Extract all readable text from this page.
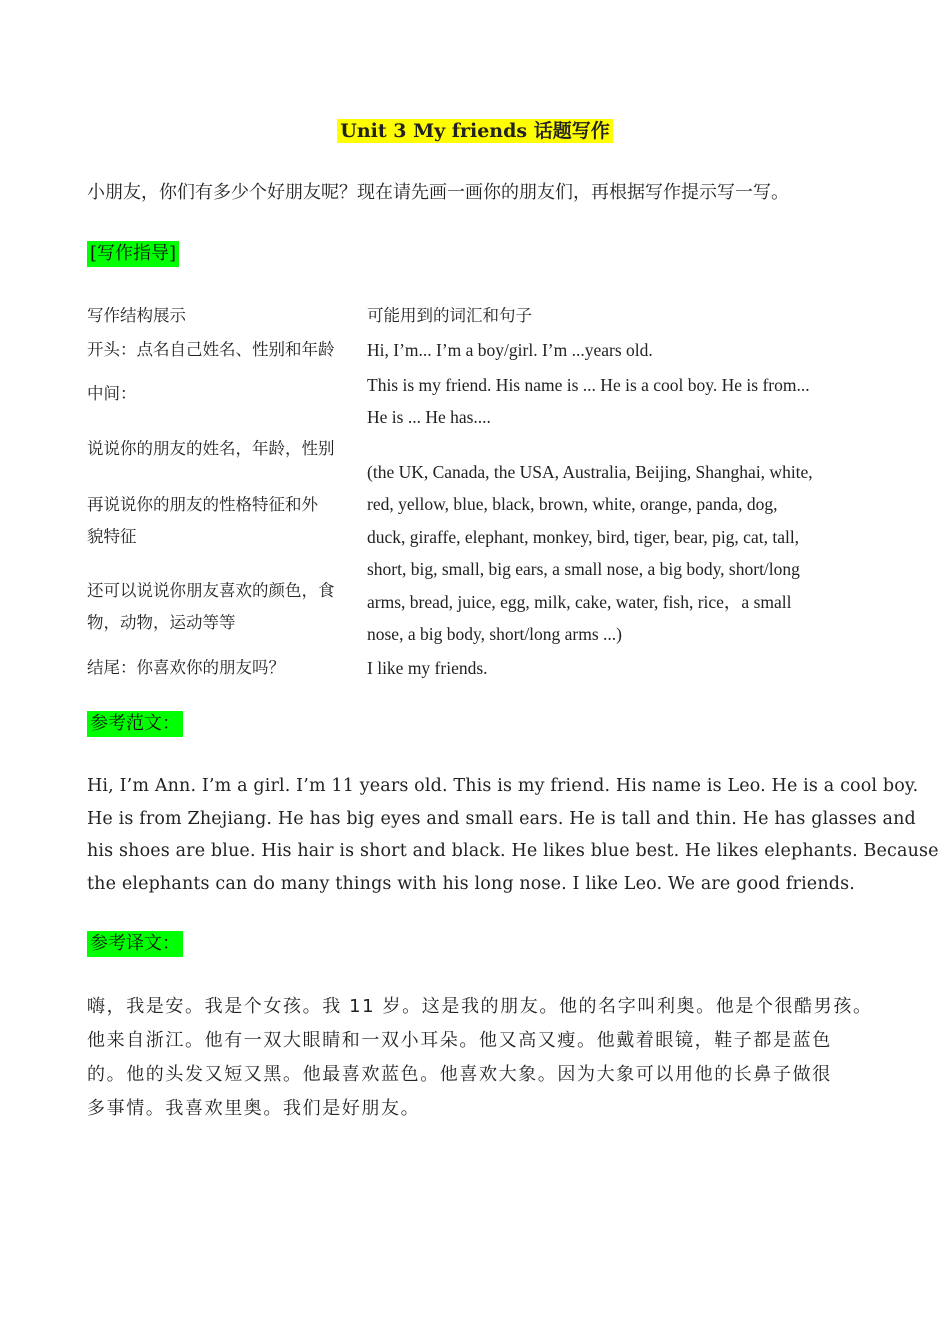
Unit 3 My friends 话题写作
小朋友，你们有多少个好朋友呢？现在请先画一画你的朋友们，再根据写作提示写一写。
[写作指导]
写作结构展示
开头：点名自己姓名、性别和年龄
中间：
说说你的朋友的姓名，年龄，性别
再说说你的朋友的性格特征和外
貌特征
还可以说说你朋友喜欢的颜色，食
物，动物，运动等等
结尾：你喜欢你的朋友吗？
可能用到的词汇和句子
Hi, I’m... I’m a boy/girl. I’m ...years old.
This is my friend. His name is ... He is a cool boy. He is from...
He is ... He has....
(the UK, Canada, the USA, Australia, Beijing, Shanghai, white,
red, yellow, blue, black, brown, white, orange, panda, dog,
duck, giraffe, elephant, monkey, bird, tiger, bear, pig, cat, tall,
short, big, small, big ears, a small nose, a big body, short/long
arms, bread, juice, egg, milk, cake, water, fish, rice，a small
nose, a big body, short/long arms ...)
I like my friends.
参考范文：
Hi, I’m Ann. I’m a girl. I’m 11 years old. This is my friend. His name is Leo. He is a cool boy.
He is from Zhejiang. He has big eyes and small ears. He is tall and thin. He has glasses and
his shoes are blue. His hair is short and black. He likes blue best. He likes elephants. Because
the elephants can do many things with his long nose. I like Leo. We are good friends.
参考译文：
嗨，我是安。我是个女孩。我 11 岁。这是我的朋友。他的名字叫利奥。他是个很酷男孩。
他来自浙江。他有一双大眼睛和一双小耳朵。他又高又瘦。他戴着眼镜，鞋子都是蓝色
的。他的头发又短又黑。他最喜欢蓝色。他喜欢大象。因为大象可以用他的长鼻子做很
多事情。我喜欢里奥。我们是好朋友。
